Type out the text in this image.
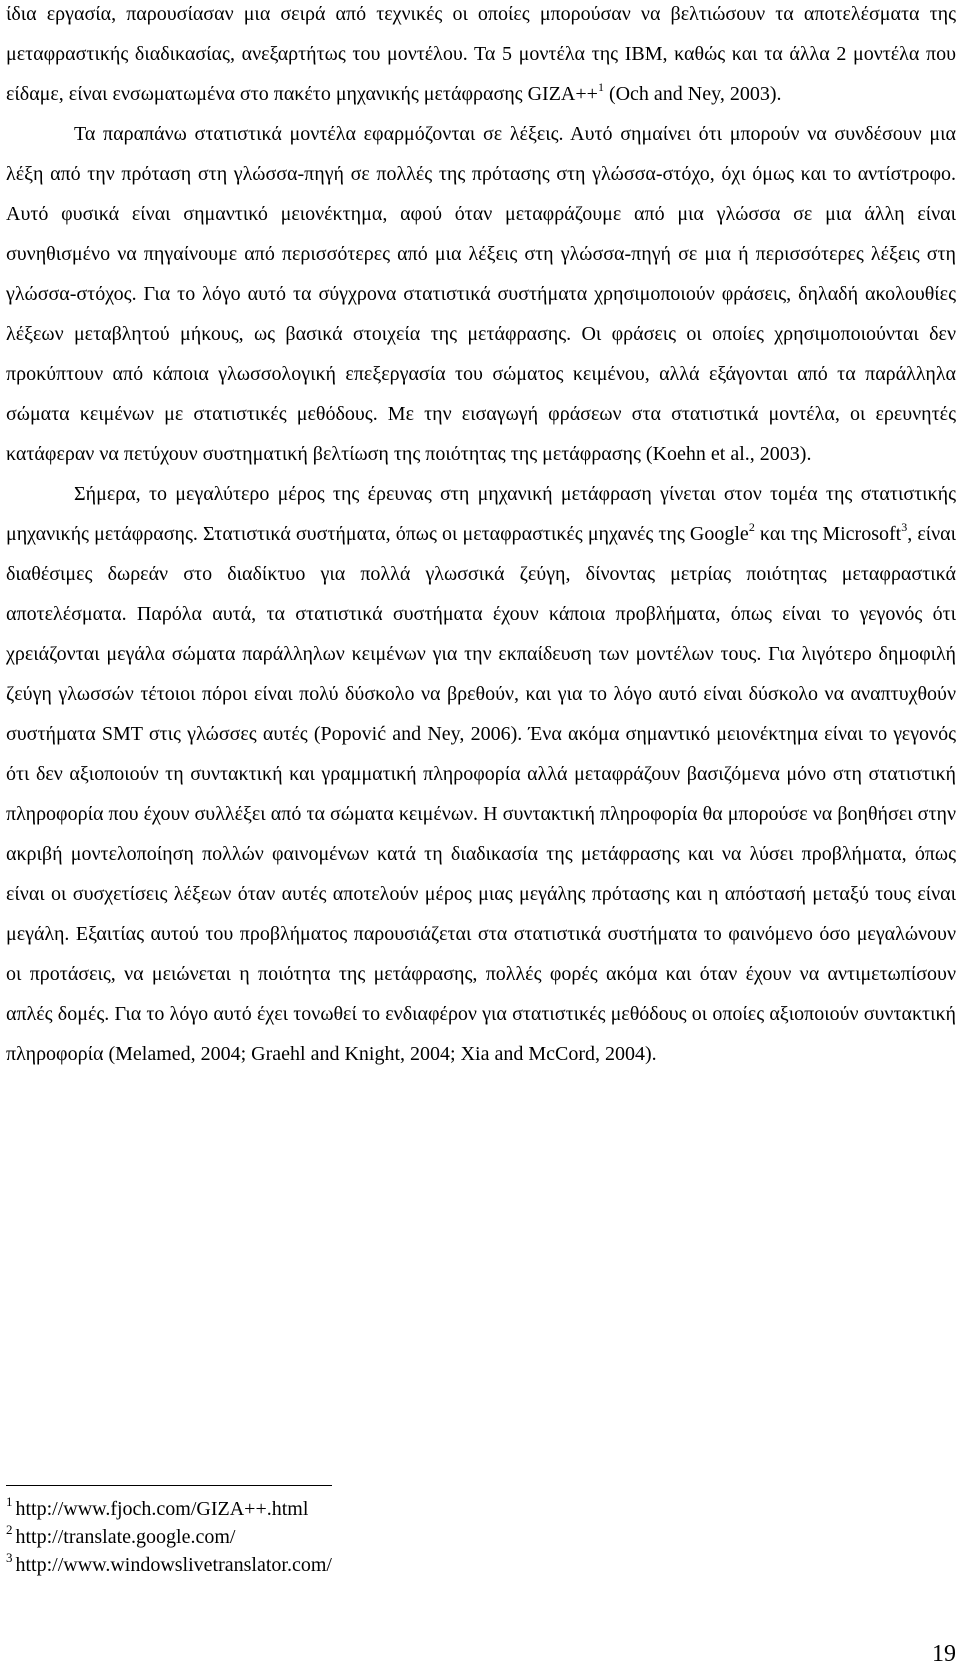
ίδια εργασία, παρουσίασαν μια σειρά από τεχνικές οι οποίες μπορούσαν να βελτιώσουν τα αποτελέσματα της μεταφραστικής διαδικασίας, ανεξαρτήτως του μοντέλου. Τα 5 μοντέλα της IBM, καθώς και τα άλλα 2 μοντέλα που είδαμε, είναι ενσωματωμένα στο πακέτο μηχανικής μετάφρασης GIZA++$^1$ (Och and Ney, 2003).

Τα παραπάνω στατιστικά μοντέλα εφαρμόζονται σε λέξεις. Αυτό σημαίνει ότι μπορούν να συνδέσουν μια λέξη από την πρόταση στη γλώσσα-πηγή σε πολλές της πρότασης στη γλώσσα-στόχο, όχι όμως και το αντίστροφο. Αυτό φυσικά είναι σημαντικό μειονέκτημα, αφού όταν μεταφράζουμε από μια γλώσσα σε μια άλλη είναι συνηθισμένο να πηγαίνουμε από περισσότερες από μια λέξεις στη γλώσσα-πηγή σε μια ή περισσότερες λέξεις στη γλώσσα-στόχος. Για το λόγο αυτό τα σύγχρονα στατιστικά συστήματα χρησιμοποιούν φράσεις, δηλαδή ακολουθίες λέξεων μεταβλητού μήκους, ως βασικά στοιχεία της μετάφρασης. Οι φράσεις οι οποίες χρησιμοποιούνται δεν προκύπτουν από κάποια γλωσσολογική επεξεργασία του σώματος κειμένου, αλλά εξάγονται από τα παράλληλα σώματα κειμένων με στατιστικές μεθόδους. Με την εισαγωγή φράσεων στα στατιστικά μοντέλα, οι ερευνητές κατάφεραν να πετύχουν συστηματική βελτίωση της ποιότητας της μετάφρασης (Koehn et al., 2003).

Σήμερα, το μεγαλύτερο μέρος της έρευνας στη μηχανική μετάφραση γίνεται στον τομέα της στατιστικής μηχανικής μετάφρασης. Στατιστικά συστήματα, όπως οι μεταφραστικές μηχανές της Google$^2$ και της Microsoft$^3$, είναι διαθέσιμες δωρεάν στο διαδίκτυο για πολλά γλωσσικά ζεύγη, δίνοντας μετρίας ποιότητας μεταφραστικά αποτελέσματα. Παρόλα αυτά, τα στατιστικά συστήματα έχουν κάποια προβλήματα, όπως είναι το γεγονός ότι χρειάζονται μεγάλα σώματα παράλληλων κειμένων για την εκπαίδευση των μοντέλων τους. Για λιγότερο δημοφιλή ζεύγη γλωσσών τέτοιοι πόροι είναι πολύ δύσκολο να βρεθούν, και για το λόγο αυτό είναι δύσκολο να αναπτυχθούν συστήματα SMT στις γλώσσες αυτές (Popović and Ney, 2006). Ένα ακόμα σημαντικό μειονέκτημα είναι το γεγονός ότι δεν αξιοποιούν τη συντακτική και γραμματική πληροφορία αλλά μεταφράζουν βασιζόμενα μόνο στη στατιστική πληροφορία που έχουν συλλέξει από τα σώματα κειμένων. Η συντακτική πληροφορία θα μπορούσε να βοηθήσει στην ακριβή μοντελοποίηση πολλών φαινομένων κατά τη διαδικασία της μετάφρασης και να λύσει προβλήματα, όπως είναι οι συσχετίσεις λέξεων όταν αυτές αποτελούν μέρος μιας μεγάλης πρότασης και η απόστασή μεταξύ τους είναι μεγάλη. Εξαιτίας αυτού του προβλήματος παρουσιάζεται στα στατιστικά συστήματα το φαινόμενο όσο μεγαλώνουν οι προτάσεις, να μειώνεται η ποιότητα της μετάφρασης, πολλές φορές ακόμα και όταν έχουν να αντιμετωπίσουν απλές δομές. Για το λόγο αυτό έχει τονωθεί το ενδιαφέρον για στατιστικές μεθόδους οι οποίες αξιοποιούν συντακτική πληροφορία (Melamed, 2004; Graehl and Knight, 2004; Xia and McCord, 2004).

$^1$ http://www.fjoch.com/GIZA++.html
$^2$ http://translate.google.com/
$^3$ http://www.windowslivetranslator.com/
19
